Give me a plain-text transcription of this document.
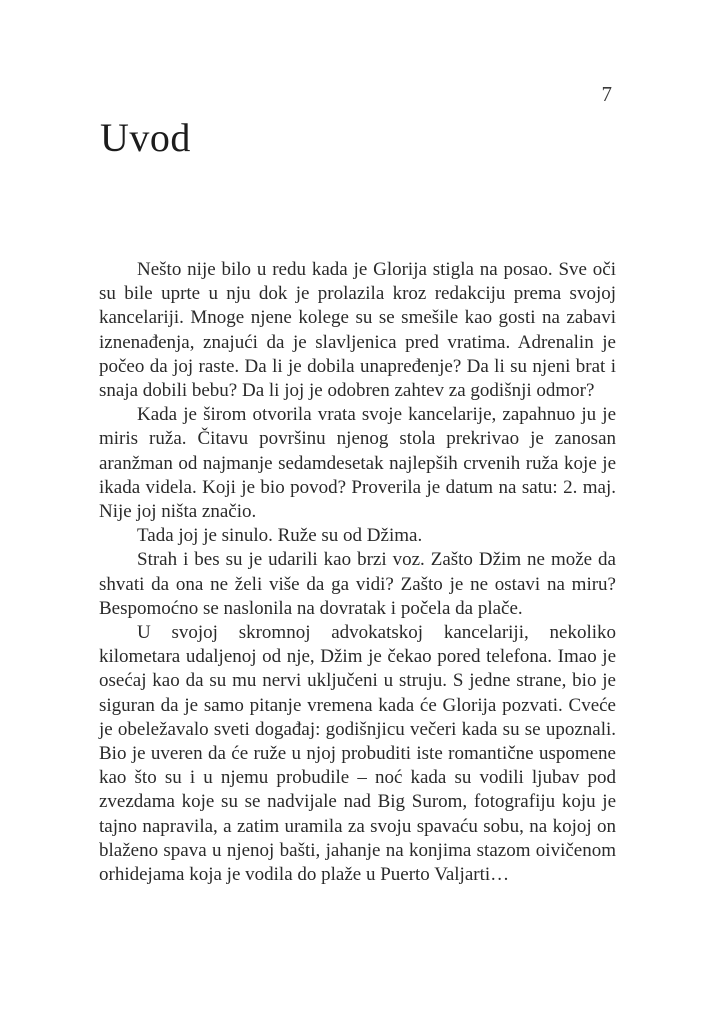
7
Uvod

Nešto nije bilo u redu kada je Glorija stigla na posao. Sve oči su bile uprte u nju dok je prolazila kroz redakciju prema svojoj kancelariji. Mnoge njene kolege su se smešile kao gosti na zabavi iznenađenja, znajući da je slavljenica pred vratima. Adrenalin je počeo da joj raste. Da li je dobila unapređenje? Da li su njeni brat i snaja dobili bebu? Da li joj je odobren zahtev za godišnji odmor?

Kada je širom otvorila vrata svoje kancelarije, zapahnuo ju je miris ruža. Čitavu površinu njenog stola prekrivao je zanosan aranžman od najmanje sedamdesetak najlepših crvenih ruža koje je ikada videla. Koji je bio povod? Proverila je datum na satu: 2. maj. Nije joj ništa značio.

Tada joj je sinulo. Ruže su od Džima.

Strah i bes su je udarili kao brzi voz. Zašto Džim ne može da shvati da ona ne želi više da ga vidi? Zašto je ne ostavi na miru? Bespomoćno se naslonila na dovratak i počela da plače.

U svojoj skromnoj advokatskoj kancelariji, nekoliko kilometara udaljenoj od nje, Džim je čekao pored telefona. Imao je osećaj kao da su mu nervi uključeni u struju. S jedne strane, bio je siguran da je samo pitanje vremena kada će Glorija pozvati. Cveće je obeležavalo sveti događaj: godišnjicu večeri kada su se upoznali. Bio je uveren da će ruže u njoj probuditi iste romantične uspomene kao što su i u njemu probudile – noć kada su vodili ljubav pod zvezdama koje su se nadvijale nad Big Surom, fotografiju koju je tajno napravila, a zatim uramila za svoju spavaću sobu, na kojoj on blaženo spava u njenoj bašti, jahanje na konjima stazom oivičenom orhidejama koja je vodila do plaže u Puerto Valjarti…
